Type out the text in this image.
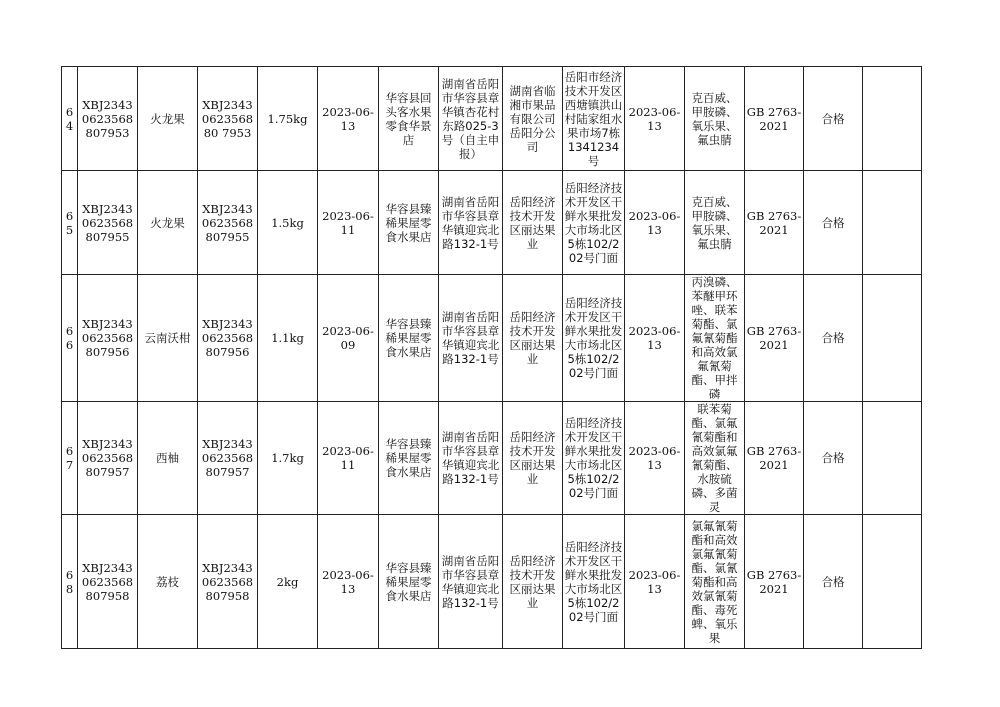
64	XBJ23430623568807953	火龙果	XBJ2343062356880 7953	1.75kg	2023-06-13	华容县回头客水果零食华景店	湖南省岳阳市华容县章华镇杏花村东路025-3号（自主申报）	湖南省临湘市果品有限公司岳阳分公司	岳阳市经济技术开发区西塘镇洪山村陆家组水果市场7栋1341234号	2023-06-13	克百威、甲胺磷、氧乐果、氟虫腈	GB 2763-2021	合格	
65	XBJ23430623568807955	火龙果	XBJ23430623568807955	1.5kg	2023-06-11	华容县臻稀果屋零食水果店	湖南省岳阳市华容县章华镇迎宾北路132-1号	岳阳经济技术开发区丽达果业	岳阳经济技术开发区干鲜水果批发大市场北区5栋102/202号门面	2023-06-13	克百威、甲胺磷、氧乐果、氟虫腈	GB 2763-2021	合格	
66	XBJ23430623568807956	云南沃柑	XBJ23430623568807956	1.1kg	2023-06-09	华容县臻稀果屋零食水果店	湖南省岳阳市华容县章华镇迎宾北路132-1号	岳阳经济技术开发区丽达果业	岳阳经济技术开发区干鲜水果批发大市场北区5栋102/202号门面	2023-06-13	丙溴磷、苯醚甲环唑、联苯菊酯、氯氟氰菊酯和高效氯氟氰菊酯、甲拌磷	GB 2763-2021	合格	
67	XBJ23430623568807957	西柚	XBJ23430623568807957	1.7kg	2023-06-11	华容县臻稀果屋零食水果店	湖南省岳阳市华容县章华镇迎宾北路132-1号	岳阳经济技术开发区丽达果业	岳阳经济技术开发区干鲜水果批发大市场北区5栋102/202号门面	2023-06-13	联苯菊酯、氯氟氰菊酯和高效氯氟氰菊酯、水胺硫磷、多菌灵	GB 2763-2021	合格	
68	XBJ23430623568807958	荔枝	XBJ23430623568807958	2kg	2023-06-13	华容县臻稀果屋零食水果店	湖南省岳阳市华容县章华镇迎宾北路132-1号	岳阳经济技术开发区丽达果业	岳阳经济技术开发区干鲜水果批发大市场北区5栋102/202号门面	2023-06-13	氯氟氰菊酯和高效氯氟氰菊酯、氯氰菊酯和高效氯氰菊酯、毒死蜱、氧乐果	GB 2763-2021	合格	
